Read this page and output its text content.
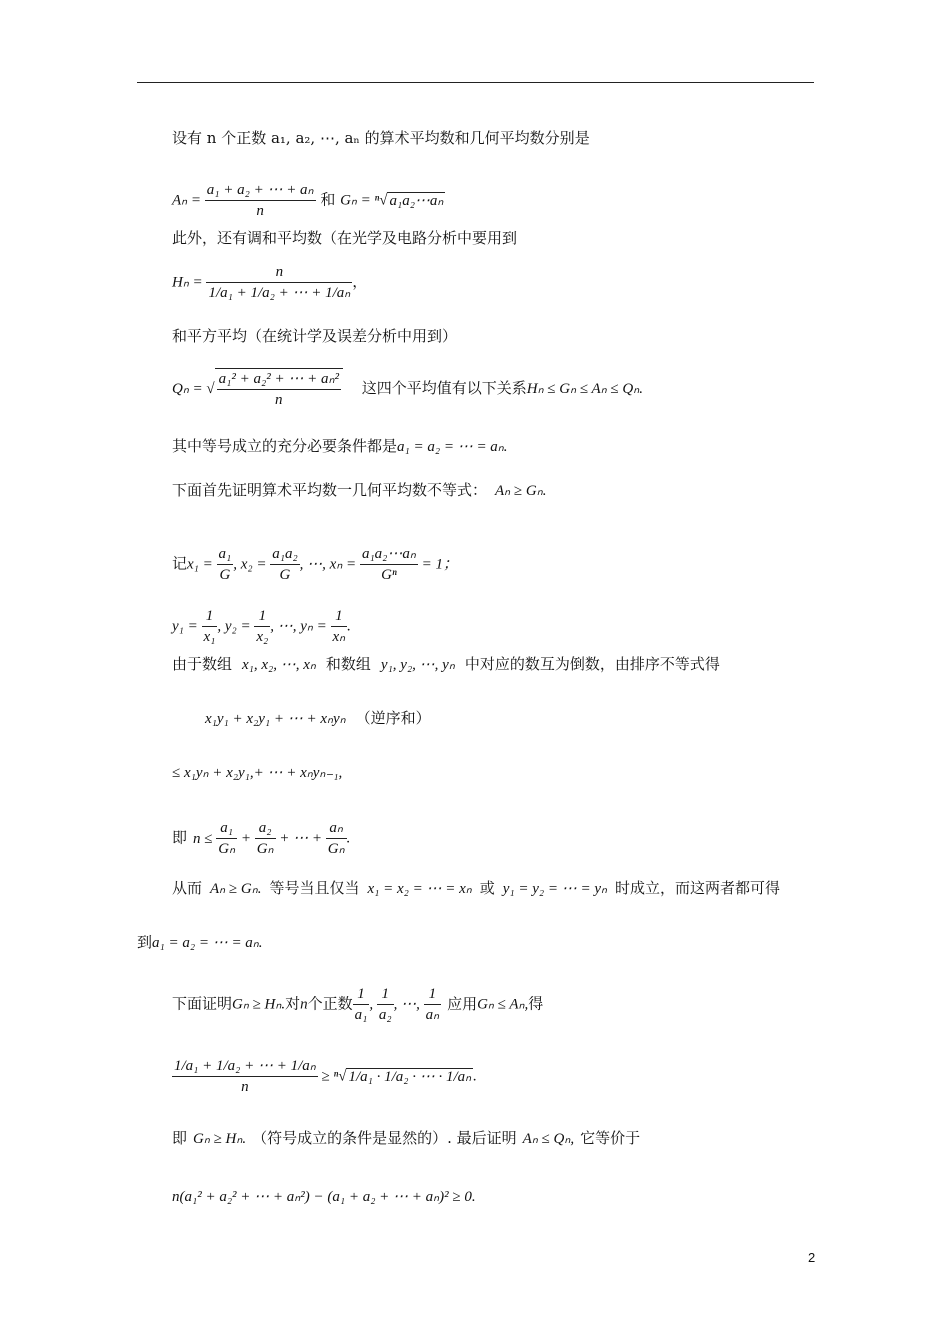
设有 n 个正数 a₁, a₂, ⋯, aₙ 的算术平均数和几何平均数分别是
$A_n = \frac{\text{a₁ + a₂ + ⋯ + aₙ}}{n}$ 和 Gₙ = ⁿ√ a₁a₂⋯aₙ
此外，还有调和平均数（在光学及电路分析中要用到
$H_n = \frac{n}{\text{1/a₁ + 1/a₂ + ⋯ + 1/aₙ}}$ ，
和平方平均（在统计学及误差分析中用到）
Qₙ = √ $\frac{\text{a₁² + a₂² + ⋯ + aₙ²}}{n}$ 这四个平均值有以下关系Hₙ ≤ Gₙ ≤ Aₙ ≤ Qₙ.
其中等号成立的充分必要条件都是a₁ = a₂ = ⋯ = aₙ.
下面首先证明算术平均数一几何平均数不等式： Aₙ ≥ Gₙ.
记$x_1 = \frac{\text{a₁}}{G}$ , $x_2 = \frac{\text{a₁a₂}}{G}$ , ⋯, $x_n = \frac{\text{a₁a₂⋯aₙ}}{\text{Gⁿ}} = 1$；
$y_1 = \frac{1}{\text{x₁}}$ , $y_2 = \frac{1}{\text{x₂}}$ , ⋯, $y_n = \frac{1}{\text{xₙ}}$ .
由于数组 x₁, x₂, ⋯, xₙ 和数组 y₁, y₂, ⋯, yₙ 中对应的数互为倒数，由排序不等式得
x₁y₁ + x₂y₁ + ⋯ + xₙyₙ （逆序和）
≤ x₁yₙ + x₂y₁,+ ⋯ + xₙyₙ₋₁,
即 $n \le \frac{\text{a₁}}{\text{Gₙ}} + \frac{\text{a₂}}{\text{Gₙ}}$ + ⋯ + $\frac{\text{aₙ}}{\text{Gₙ}}$ .
从而 Aₙ ≥ Gₙ. 等号当且仅当 x₁ = x₂ = ⋯ = xₙ 或 y₁ = y₂ = ⋯ = yₙ 时成立，而这两者都可得
到a₁ = a₂ = ⋯ = aₙ.
下面证明Gₙ ≥ Hₙ.对n个正数 $\frac{1}{\text{a₁}}$ , $\frac{1}{\text{a₂}}$ , ⋯, $\frac{1}{\text{aₙ}}$ 应用Gₙ ≤ Aₙ,得
$\frac{\text{1/a₁ + 1/a₂ + ⋯ + 1/aₙ}}{n} \ge ^n√$ 1/a₁ · 1/a₂ · ⋯ · 1/aₙ .
即 Gₙ ≥ Hₙ. （符号成立的条件是显然的）. 最后证明 Aₙ ≤ Qₙ, 它等价于
n(a₁² + a₂² + ⋯ + aₙ²) − (a₁ + a₂ + ⋯ + aₙ)² ≥ 0.
2
